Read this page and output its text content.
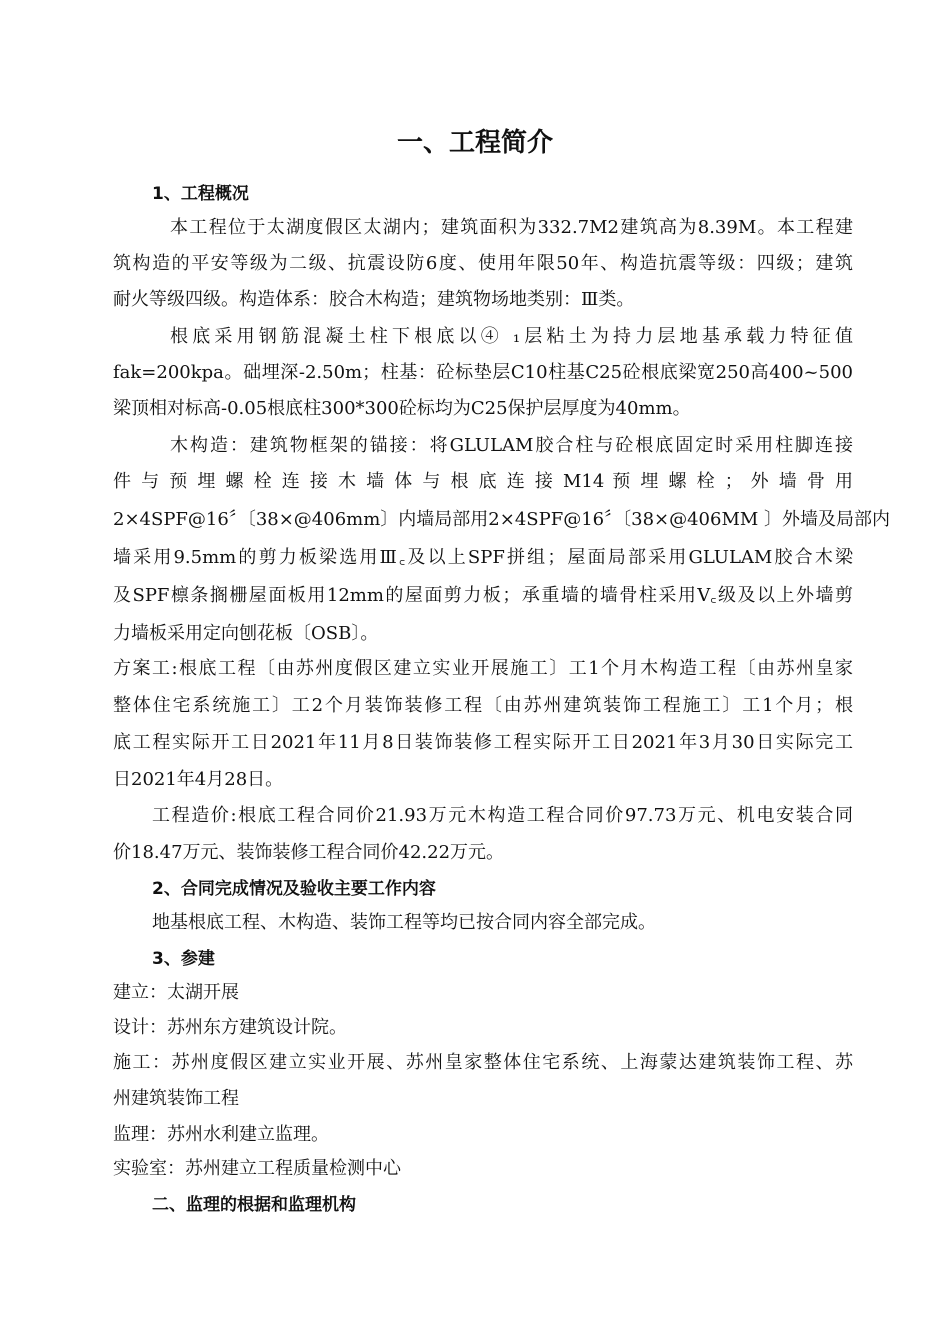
一、工程简介
1、工程概况
本工程位于太湖度假区太湖内；建筑面积为332.7M2建筑高为8.39M。本工程建
筑构造的平安等级为二级、抗震设防6度、使用年限50年、构造抗震等级：四级；建筑
耐火等级四级。构造体系：胶合木构造；建筑物场地类别：Ⅲ类。
根底采用钢筋混凝土柱下根底以④ ₁层粘土为持力层地基承载力特征值
fak=200kpa。础埋深-2.50m；柱基：砼标垫层C10柱基C25砼根底梁宽250高400~500
梁顶相对标高-0.05根底柱300*300砼标均为C25保护层厚度为40mm。
木构造：建筑物框架的锚接：将GLULAM胶合柱与砼根底固定时采用柱脚连接
件 与 预 埋 螺 栓 连 接 木 墙 体 与 根 底 连 接 M14 预 埋 螺 栓 ； 外 墙 骨 用
2×4SPF@16〞〔38×@406mm〕内墙局部用2×4SPF@16〞〔38×@406MM 〕外墙及局部内
墙采用9.5mm的剪力板梁选用Ⅲ꜀及以上SPF拼组；屋面局部采用GLULAM胶合木梁
及SPF檩条搁栅屋面板用12mm的屋面剪力板；承重墙的墙骨柱采用V꜀级及以上外墙剪
力墙板采用定向刨花板〔OSB〕。
方案工:根底工程〔由苏州度假区建立实业开展施工〕工1个月木构造工程〔由苏州皇家
整体住宅系统施工〕工2个月装饰装修工程〔由苏州建筑装饰工程施工〕工1个月；根
底工程实际开工日2021年11月8日装饰装修工程实际开工日2021年3月30日实际完工
日2021年4月28日。
工程造价:根底工程合同价21.93万元木构造工程合同价97.73万元、机电安装合同
价18.47万元、装饰装修工程合同价42.22万元。
2、合同完成情况及验收主要工作内容
地基根底工程、木构造、装饰工程等均已按合同内容全部完成。
3、参建
建立：太湖开展
设计：苏州东方建筑设计院。
施工：苏州度假区建立实业开展、苏州皇家整体住宅系统、上海蒙达建筑装饰工程、苏
州建筑装饰工程
监理：苏州水利建立监理。
实验室：苏州建立工程质量检测中心
二、监理的根据和监理机构
